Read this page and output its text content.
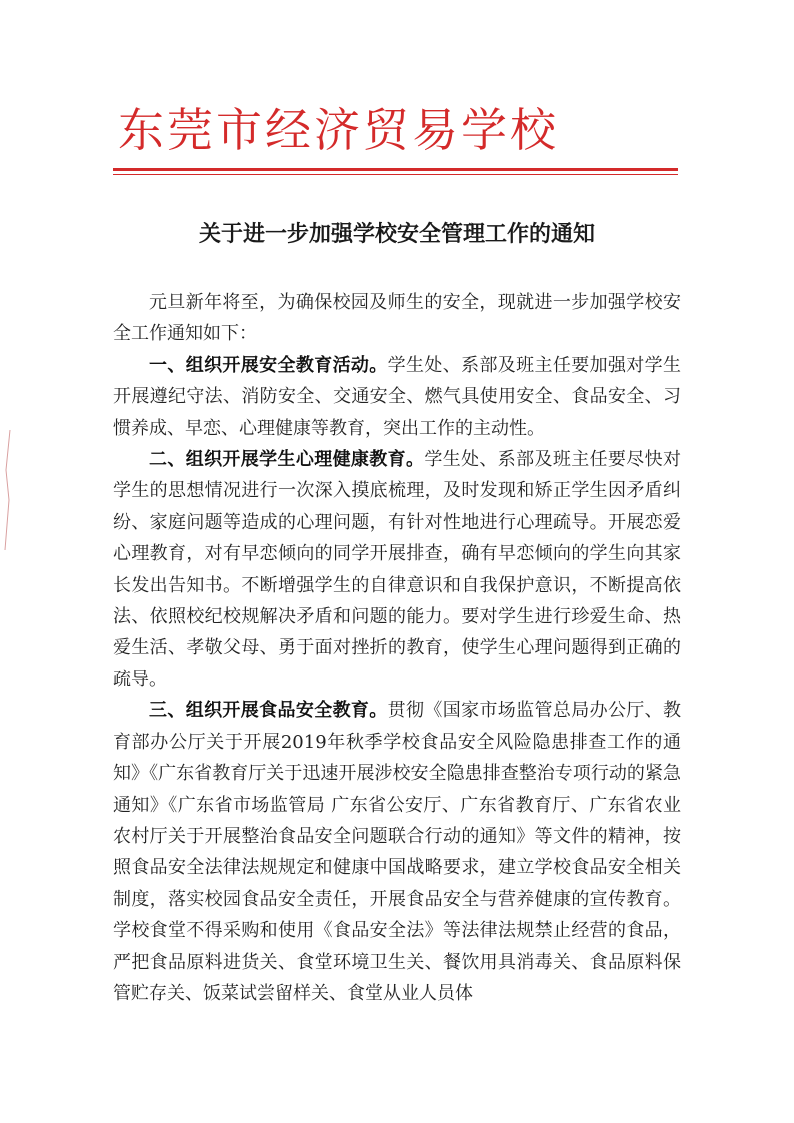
东莞市经济贸易学校
关于进一步加强学校安全管理工作的通知

元旦新年将至，为确保校园及师生的安全，现就进一步加强学校安全工作通知如下：

一、组织开展安全教育活动。学生处、系部及班主任要加强对学生开展遵纪守法、消防安全、交通安全、燃气具使用安全、食品安全、习惯养成、早恋、心理健康等教育，突出工作的主动性。

二、组织开展学生心理健康教育。学生处、系部及班主任要尽快对学生的思想情况进行一次深入摸底梳理，及时发现和矫正学生因矛盾纠纷、家庭问题等造成的心理问题，有针对性地进行心理疏导。开展恋爱心理教育，对有早恋倾向的同学开展排查，确有早恋倾向的学生向其家长发出告知书。不断增强学生的自律意识和自我保护意识，不断提高依法、依照校纪校规解决矛盾和问题的能力。要对学生进行珍爱生命、热爱生活、孝敬父母、勇于面对挫折的教育，使学生心理问题得到正确的疏导。

三、组织开展食品安全教育。贯彻《国家市场监管总局办公厅、教育部办公厅关于开展2019年秋季学校食品安全风险隐患排查工作的通知》《广东省教育厅关于迅速开展涉校安全隐患排查整治专项行动的紧急通知》《广东省市场监管局 广东省公安厅、广东省教育厅、广东省农业农村厅关于开展整治食品安全问题联合行动的通知》等文件的精神，按照食品安全法律法规规定和健康中国战略要求，建立学校食品安全相关制度，落实校园食品安全责任，开展食品安全与营养健康的宣传教育。学校食堂不得采购和使用《食品安全法》等法律法规禁止经营的食品，严把食品原料进货关、食堂环境卫生关、餐饮用具消毒关、食品原料保管贮存关、饭菜试尝留样关、食堂从业人员体
